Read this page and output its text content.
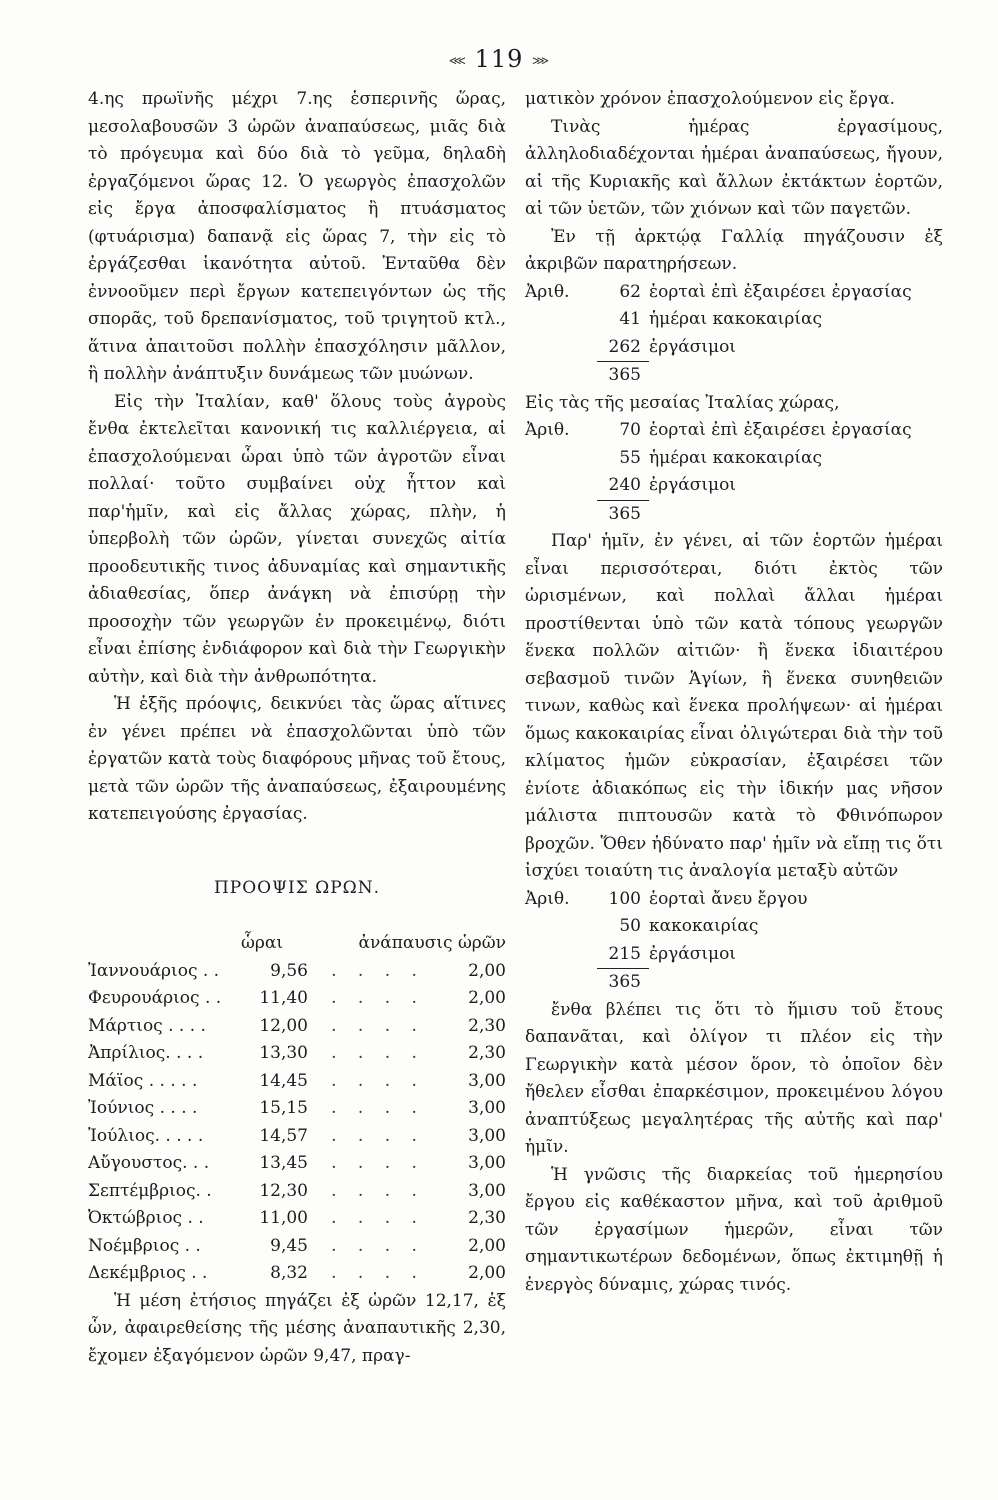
⋘ 119 ⋙

4.ης πρωϊνῆς μέχρι 7.ης ἑσπερινῆς ὥρας, μεσολαβουσῶν 3 ὡρῶν ἀναπαύσεως, μιᾶς διὰ τὸ πρόγευμα καὶ δύο διὰ τὸ γεῦμα, δηλαδὴ ἐργαζόμενοι ὥρας 12. Ὁ γεωργὸς ἐπασχολῶν εἰς ἔργα ἀποσφαλίσματος ἢ πτυάσματος (φτυάρισμα) δαπανᾷ εἰς ὥρας 7, τὴν εἰς τὸ ἐργάζεσθαι ἱκανότητα αὐτοῦ. Ἐνταῦθα δὲν ἐννοοῦμεν περὶ ἔργων κατεπειγόντων ὡς τῆς σπορᾶς, τοῦ δρεπανίσματος, τοῦ τριγητοῦ κτλ., ἅτινα ἀπαιτοῦσι πολλὴν ἐπασχόλησιν μᾶλλον, ἢ πολλὴν ἀνάπτυξιν δυνάμεως τῶν μυώνων.

Εἰς τὴν Ἰταλίαν, καθ' ὅλους τοὺς ἀγροὺς ἔνθα ἐκτελεῖται κανονική τις καλλιέργεια, αἱ ἐπασχολούμεναι ὧραι ὑπὸ τῶν ἀγροτῶν εἶναι πολλαί· τοῦτο συμβαίνει οὐχ ἧττον καὶ παρ'ἡμῖν, καὶ εἰς ἄλλας χώρας, πλὴν, ἡ ὑπερβολὴ τῶν ὡρῶν, γίνεται συνεχῶς αἰτία προοδευτικῆς τινος ἀδυναμίας καὶ σημαντικῆς ἀδιαθεσίας, ὅπερ ἀνάγκη νὰ ἐπισύρῃ τὴν προσοχὴν τῶν γεωργῶν ἐν προκειμένῳ, διότι εἶναι ἐπίσης ἐνδιάφορον καὶ διὰ τὴν Γεωργικὴν αὐτὴν, καὶ διὰ τὴν ἀνθρωπότητα.

Ἡ ἑξῆς πρόοψις, δεικνύει τὰς ὥρας αἵτινες ἐν γένει πρέπει νὰ ἐπασχολῶνται ὑπὸ τῶν ἐργατῶν κατὰ τοὺς διαφόρους μῆνας τοῦ ἔτους, μετὰ τῶν ὡρῶν τῆς ἀναπαύσεως, ἐξαιρουμένης κατεπειγούσης ἐργασίας.

ΠΡΟΟΨΙΣ ΩΡΩΝ.
ὧραι	ἀνάπαυσις ὡρῶν
Ἰαννουάριος . .	9,56	. . . .	2,00
Φευρουάριος . .	11,40	. . . .	2,00
Μάρτιος . . . .	12,00	. . . .	2,30
Ἀπρίλιος. . . .	13,30	. . . .	2,30
Μάϊος . . . . .	14,45	. . . .	3,00
Ἰούνιος . . . .	15,15	. . . .	3,00
Ἰούλιος. . . . .	14,57	. . . .	3,00
Αὔγουστος. . .	13,45	. . . .	3,00
Σεπτέμβριος. .	12,30	. . . .	3,00
Ὀκτώβριος . .	11,00	. . . .	2,30
Νοέμβριος . .	9,45	. . . .	2,00
Δεκέμβριος . .	8,32	. . . .	2,00

Ἡ μέση ἐτήσιος πηγάζει ἐξ ὡρῶν 12,17, ἐξ ὧν, ἀφαιρεθείσης τῆς μέσης ἀναπαυτικῆς 2,30, ἔχομεν ἐξαγόμενον ὡρῶν 9,47, πραγ-

ματικὸν χρόνον ἐπασχολούμενον εἰς ἔργα.

Τινὰς ἡμέρας ἐργασίμους, ἀλληλοδιαδέχονται ἡμέραι ἀναπαύσεως, ἤγουν, αἱ τῆς Κυριακῆς καὶ ἄλλων ἐκτάκτων ἑορτῶν, αἱ τῶν ὑετῶν, τῶν χιόνων καὶ τῶν παγετῶν.

Ἐν τῇ ἀρκτῴᾳ Γαλλίᾳ πηγάζουσιν ἐξ ἀκριβῶν παρατηρήσεων.

Ἀριθ.	62 ἑορταὶ ἐπὶ ἐξαιρέσει ἐργασίας
41 ἡμέραι κακοκαιρίας
262 ἐργάσιμοι
365

Εἰς τὰς τῆς μεσαίας Ἰταλίας χώρας,

Ἀριθ.	70 ἑορταὶ ἐπὶ ἐξαιρέσει ἐργασίας
55 ἡμέραι κακοκαιρίας
240 ἐργάσιμοι
365

Παρ' ἡμῖν, ἐν γένει, αἱ τῶν ἑορτῶν ἡμέραι εἶναι περισσότεραι, διότι ἐκτὸς τῶν ὡρισμένων, καὶ πολλαὶ ἄλλαι ἡμέραι προστίθενται ὑπὸ τῶν κατὰ τόπους γεωργῶν ἕνεκα πολλῶν αἰτιῶν· ἢ ἕνεκα ἰδιαιτέρου σεβασμοῦ τινῶν Ἁγίων, ἢ ἕνεκα συνηθειῶν τινων, καθὼς καὶ ἕνεκα προλήψεων· αἱ ἡμέραι ὅμως κακοκαιρίας εἶναι ὀλιγώτεραι διὰ τὴν τοῦ κλίματος ἡμῶν εὐκρασίαν, ἐξαιρέσει τῶν ἐνίοτε ἀδιακόπως εἰς τὴν ἰδικήν μας νῆσον μάλιστα πιπτουσῶν κατὰ τὸ Φθινόπωρον βροχῶν. Ὅθεν ἠδύνατο παρ' ἡμῖν νὰ εἴπῃ τις ὅτι ἰσχύει τοιαύτη τις ἀναλογία μεταξὺ αὐτῶν

Ἀριθ.	100 ἑορταὶ ἄνευ ἔργου
50 κακοκαιρίας
215 ἐργάσιμοι
365

ἔνθα βλέπει τις ὅτι τὸ ἥμισυ τοῦ ἔτους δαπανᾶται, καὶ ὀλίγον τι πλέον εἰς τὴν Γεωργικὴν κατὰ μέσον ὅρον, τὸ ὁποῖον δὲν ἤθελεν εἶσθαι ἐπαρκέσιμον, προκειμένου λόγου ἀναπτύξεως μεγαλητέρας τῆς αὐτῆς καὶ παρ' ἡμῖν.

Ἡ γνῶσις τῆς διαρκείας τοῦ ἡμερησίου ἔργου εἰς καθέκαστον μῆνα, καὶ τοῦ ἀριθμοῦ τῶν ἐργασίμων ἡμερῶν, εἶναι τῶν σημαντικωτέρων δεδομένων, ὅπως ἐκτιμηθῇ ἡ ἐνεργὸς δύναμις, χώρας τινός.
